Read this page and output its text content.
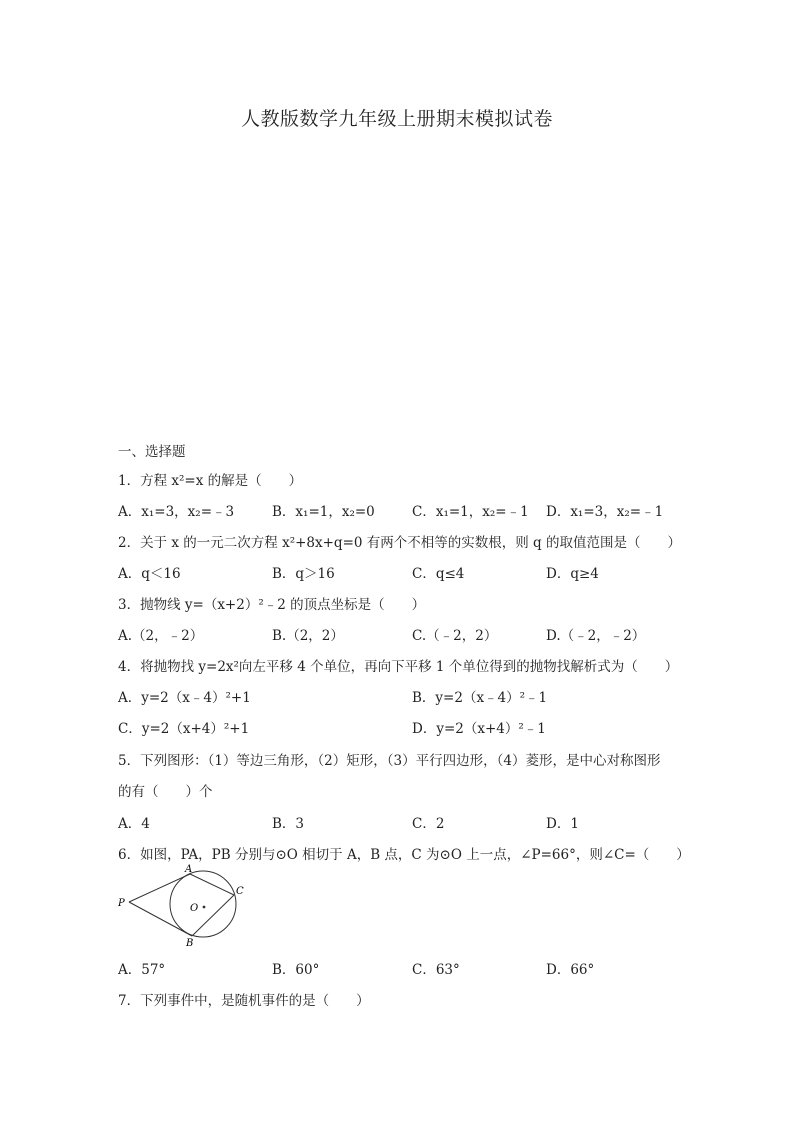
人教版数学九年级上册期末模拟试卷
一、选择题
1．方程 x²=x 的解是（　　）
A．x₁=3，x₂=﹣3	B．x₁=1，x₂=0	C．x₁=1，x₂=﹣1 D．x₁=3，x₂=﹣1
2．关于 x 的一元二次方程 x²+8x+q=0 有两个不相等的实数根，则 q 的取值范围是（　　）
A．q＜16	B．q＞16	C．q≤4	D．q≥4
3．抛物线 y=（x+2）²﹣2 的顶点坐标是（　　）
A.（2，﹣2）	B.（2，2）	C.（﹣2，2）	D.（﹣2，﹣2）
4．将抛物找 y=2x²向左平移 4 个单位，再向下平移 1 个单位得到的抛物找解析式为（　　）
A．y=2（x﹣4）²+1	B．y=2（x﹣4）²﹣1
C．y=2（x+4）²+1	D．y=2（x+4）²﹣1
5．下列图形：（1）等边三角形，（2）矩形，（3）平行四边形，（4）菱形，是中心对称图形
的有（　　）个
A．4	B．3	C．2	D．1
6．如图，PA，PB 分别与⊙O 相切于 A，B 点，C 为⊙O 上一点，∠P=66°，则∠C=（　　）
P
A
B
C
O
A．57°	B．60°	C．63°	D．66°
7．下列事件中，是随机事件的是（　　）
